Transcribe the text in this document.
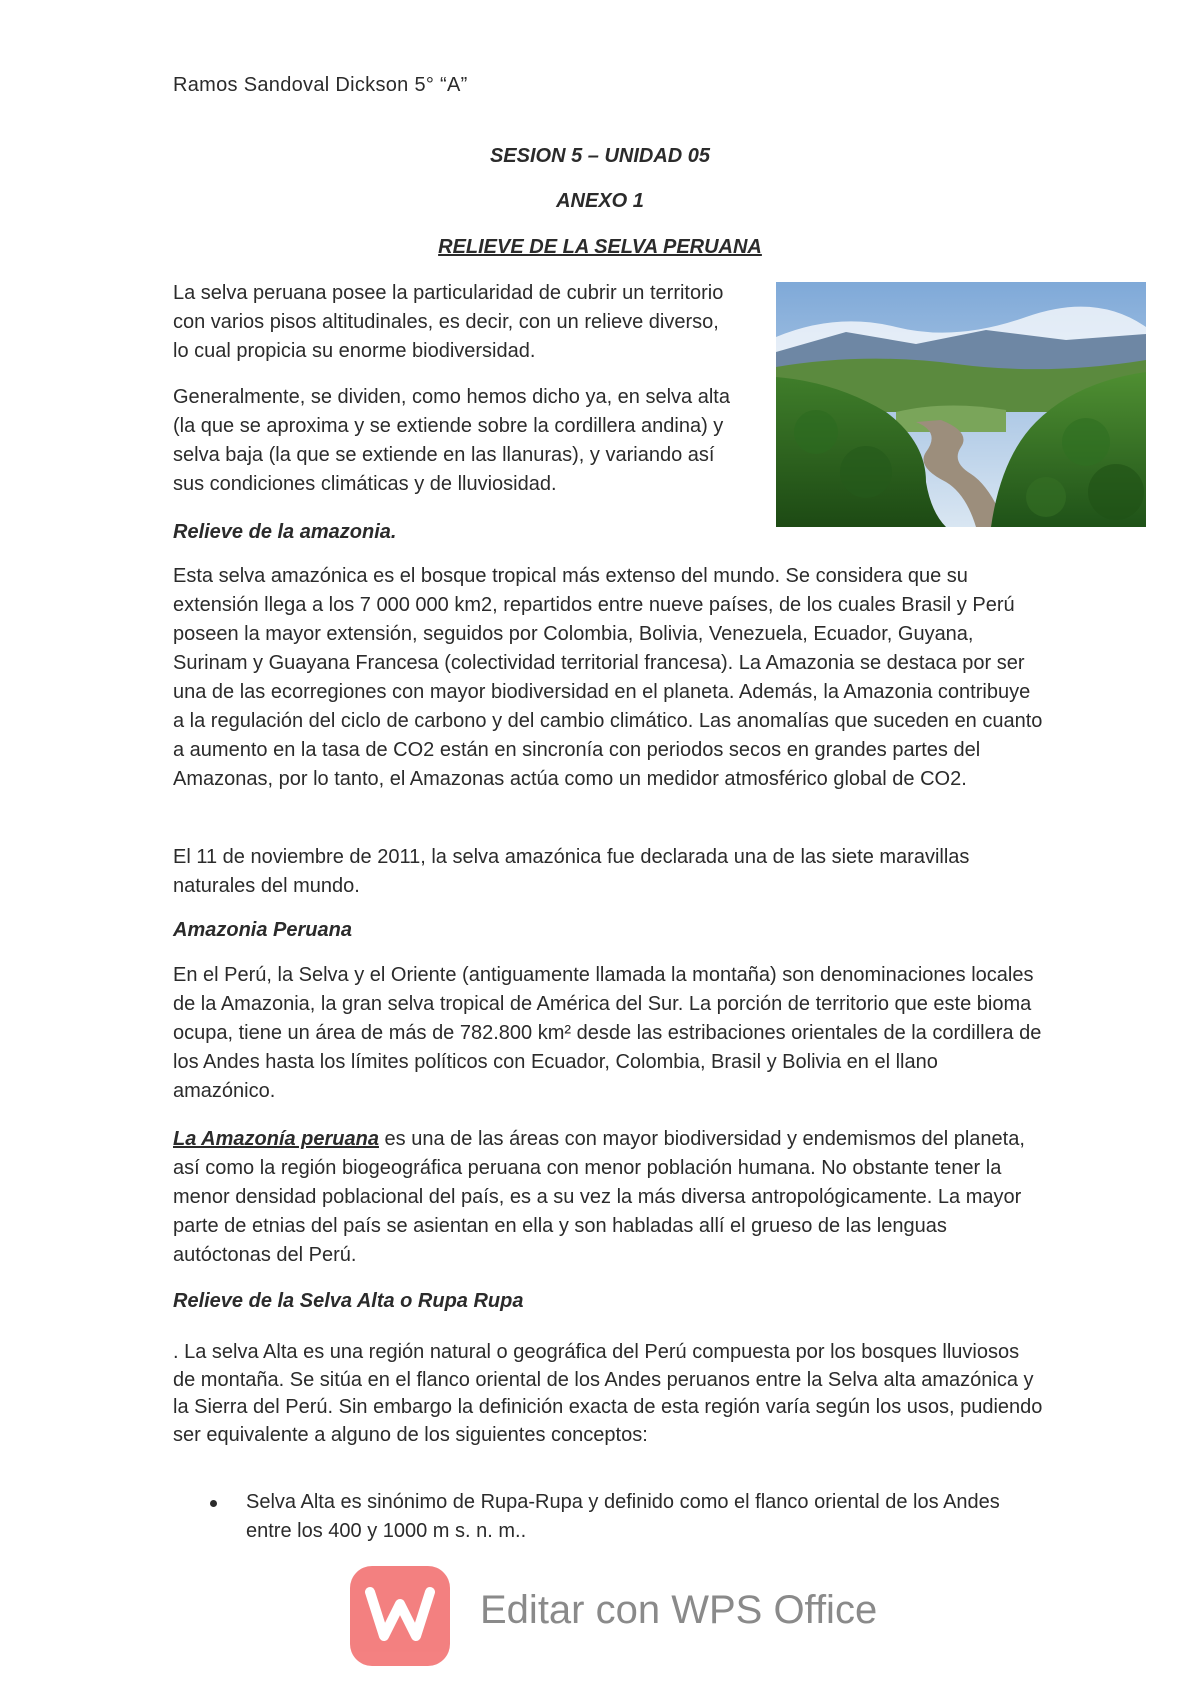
Ramos Sandoval Dickson 5° “A”
SESION 5 – UNIDAD 05
ANEXO 1
RELIEVE DE LA SELVA PERUANA
La selva peruana posee la particularidad de cubrir un territorio con varios pisos altitudinales, es decir, con un relieve diverso, lo cual propicia su enorme biodiversidad.
Generalmente, se dividen, como hemos dicho ya, en selva alta (la que se aproxima y se extiende sobre la cordillera andina) y selva baja (la que se extiende en las llanuras), y variando así sus condiciones climáticas y de lluviosidad.
Relieve de la amazonia.
Esta selva amazónica es el bosque tropical más extenso del mundo. Se considera que su extensión llega a los 7 000 000 km2, repartidos entre nueve países, de los cuales Brasil y Perú poseen la mayor extensión, seguidos por Colombia, Bolivia, Venezuela, Ecuador, Guyana, Surinam y Guayana Francesa (colectividad territorial francesa). La Amazonia se destaca por ser una de las ecorregiones con mayor biodiversidad en el planeta. Además, la Amazonia contribuye a la regulación del ciclo de carbono y del cambio climático. Las anomalías que suceden en cuanto a aumento en la tasa de CO2 están en sincronía con periodos secos en grandes partes del Amazonas, por lo tanto, el Amazonas actúa como un medidor atmosférico global de CO2.
El 11 de noviembre de 2011, la selva amazónica fue declarada una de las siete maravillas naturales del mundo.
Amazonia Peruana
En el Perú, la Selva y el Oriente (antiguamente llamada la montaña) son denominaciones locales de la Amazonia, la gran selva tropical de América del Sur. La porción de territorio que este bioma ocupa, tiene un área de más de 782.800 km² desde las estribaciones orientales de la cordillera de los Andes hasta los límites políticos con Ecuador, Colombia, Brasil y Bolivia en el llano amazónico.
La Amazonía peruana es una de las áreas con mayor biodiversidad y endemismos del planeta, así como la región biogeográfica peruana con menor población humana. No obstante tener la menor densidad poblacional del país, es a su vez la más diversa antropológicamente. La mayor parte de etnias del país se asientan en ella y son habladas allí el grueso de las lenguas autóctonas del Perú.
Relieve de la Selva Alta o Rupa Rupa
. La selva Alta es una región natural o geográfica del Perú compuesta por los bosques lluviosos de montaña. Se sitúa en el flanco oriental de los Andes peruanos entre la Selva alta amazónica y la Sierra del Perú. Sin embargo la definición exacta de esta región varía según los usos, pudiendo ser equivalente a alguno de los siguientes conceptos:
Selva Alta es sinónimo de Rupa-Rupa y definido como el flanco oriental de los Andes entre los 400 y 1000 m s. n. m..
Editar con WPS Office
